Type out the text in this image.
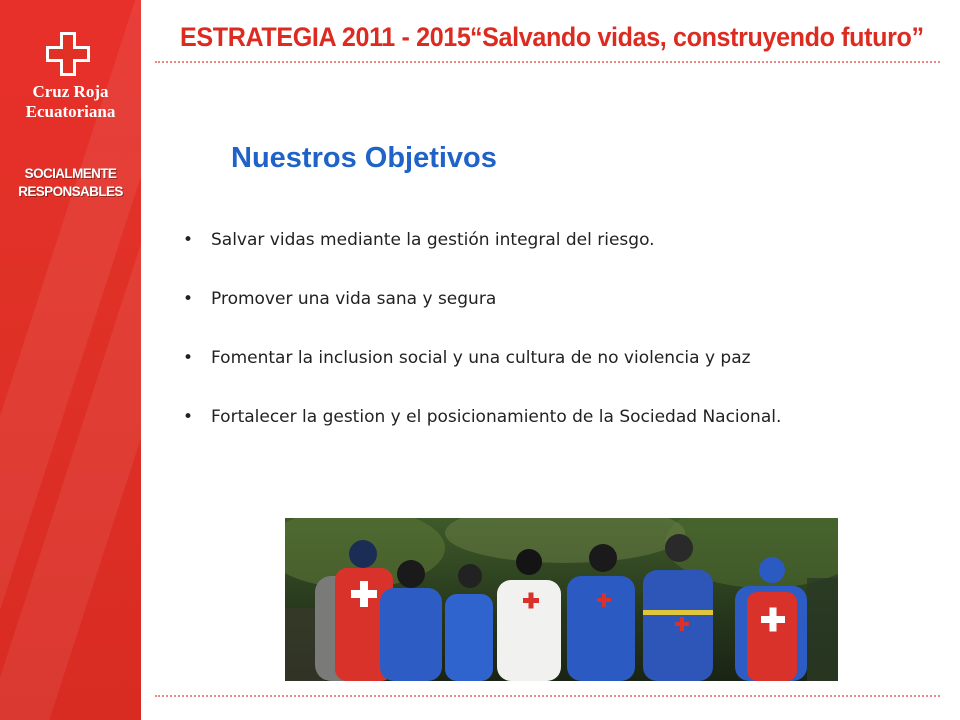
Cruz Roja
Ecuatoriana
SOCIALMENTE
RESPONSABLES
ESTRATEGIA 2011 - 2015 “Salvando vidas, construyendo futuro”
Nuestros Objetivos
• Salvar vidas mediante la gestión integral del riesgo.
• Promover una vida sana y segura
• Fomentar la inclusion social y una cultura de no violencia y paz
• Fortalecer la gestion y el posicionamiento de la Sociedad Nacional.
